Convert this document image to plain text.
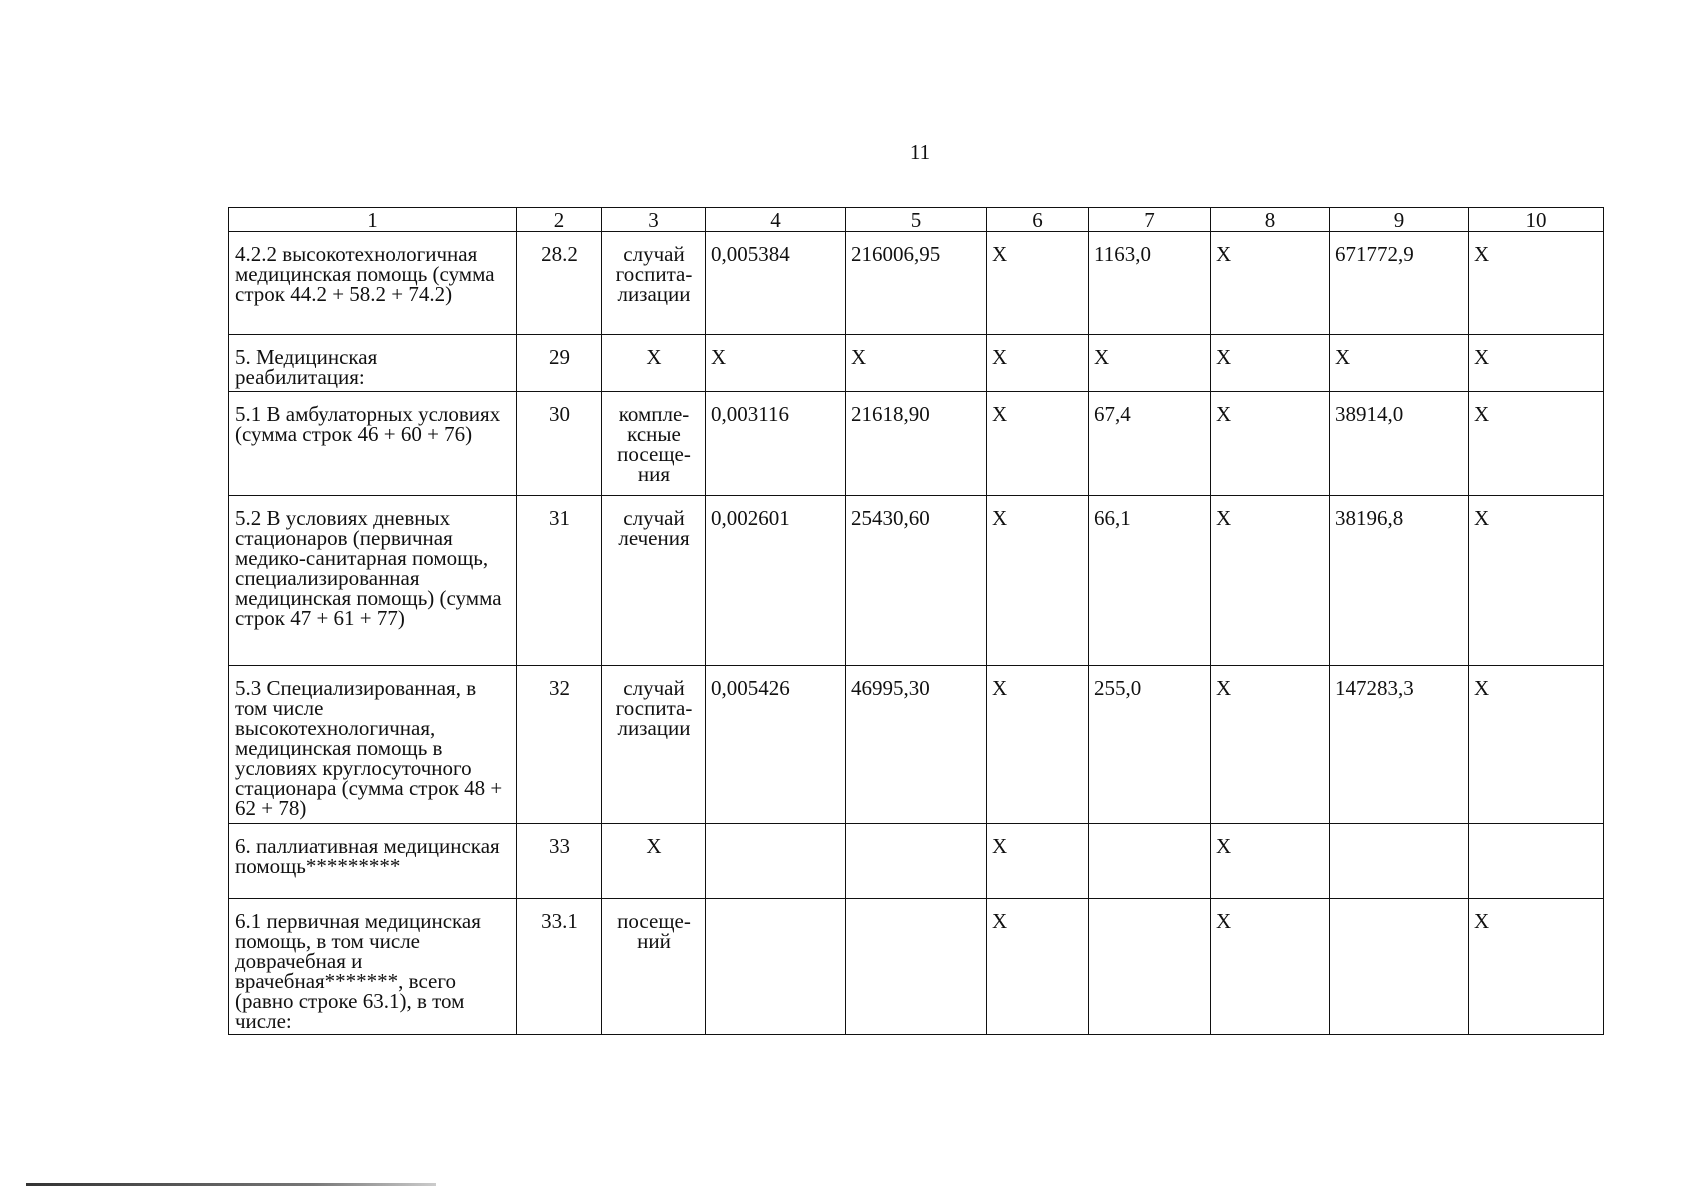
11
1	2	3	4	5	6	7	8	9	10
4.2.2 высокотехнологичная медицинская помощь (сумма строк 44.2 + 58.2 + 74.2)	28.2	случай госпита-лизации	0,005384	216006,95	X	1163,0	X	671772,9	X
5. Медицинская реабилитация:	29	X	X	X	X	X	X	X	X
5.1 В амбулаторных условиях (сумма строк 46 + 60 + 76)	30	компле-ксные посеще-ния	0,003116	21618,90	X	67,4	X	38914,0	X
5.2 В условиях дневных стационаров (первичная медико-санитарная помощь, специализированная медицинская помощь) (сумма строк 47 + 61 + 77)	31	случай лечения	0,002601	25430,60	X	66,1	X	38196,8	X
5.3 Специализированная, в том числе высокотехнологичная, медицинская помощь в условиях круглосуточного стационара (сумма строк 48 + 62 + 78)	32	случай госпита-лизации	0,005426	46995,30	X	255,0	X	147283,3	X
6. паллиативная медицинская помощь*********	33	X			X		X		
6.1 первичная медицинская помощь, в том числе доврачебная и врачебная*******, всего (равно строке 63.1), в том числе:	33.1	посеще-ний			X		X		X
